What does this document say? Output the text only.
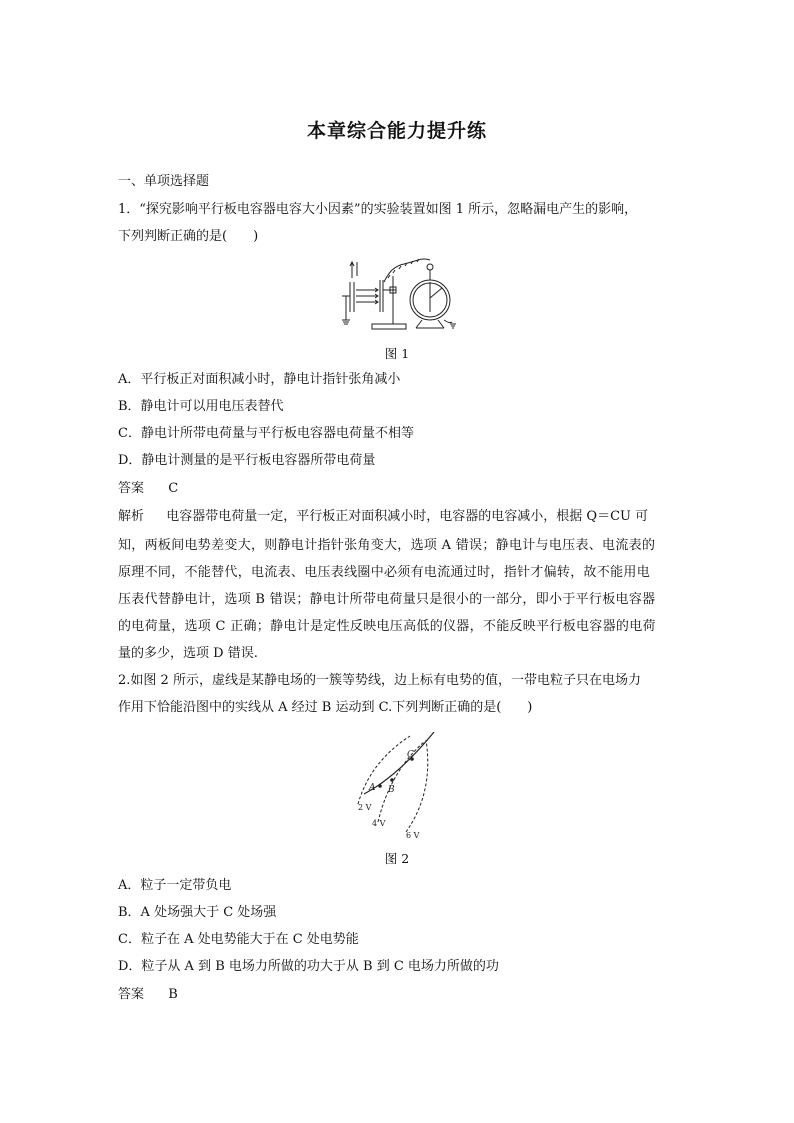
本章综合能力提升练
一、单项选择题
1．“探究影响平行板电容器电容大小因素”的实验装置如图 1 所示，忽略漏电产生的影响，
下列判断正确的是(　　)
图 1
A．平行板正对面积减小时，静电计指针张角减小
B．静电计可以用电压表替代
C．静电计所带电荷量与平行板电容器电荷量不相等
D．静电计测量的是平行板电容器所带电荷量
答案 C
解析 电容器带电荷量一定，平行板正对面积减小时，电容器的电容减小，根据 Q＝CU 可
知，两板间电势差变大，则静电计指针张角变大，选项 A 错误；静电计与电压表、电流表的
原理不同，不能替代，电流表、电压表线圈中必须有电流通过时，指针才偏转，故不能用电
压表代替静电计，选项 B 错误；静电计所带电荷量只是很小的一部分，即小于平行板电容器
的电荷量，选项 C 正确；静电计是定性反映电压高低的仪器，不能反映平行板电容器的电荷
量的多少，选项 D 错误.
2.如图 2 所示，虚线是某静电场的一簇等势线，边上标有电势的值，一带电粒子只在电场力
作用下恰能沿图中的实线从 A 经过 B 运动到 C.下列判断正确的是(　　)
A B
C
2 V
4 V
6 V
图 2
A．粒子一定带负电
B．A 处场强大于 C 处场强
C．粒子在 A 处电势能大于在 C 处电势能
D．粒子从 A 到 B 电场力所做的功大于从 B 到 C 电场力所做的功
答案 B
